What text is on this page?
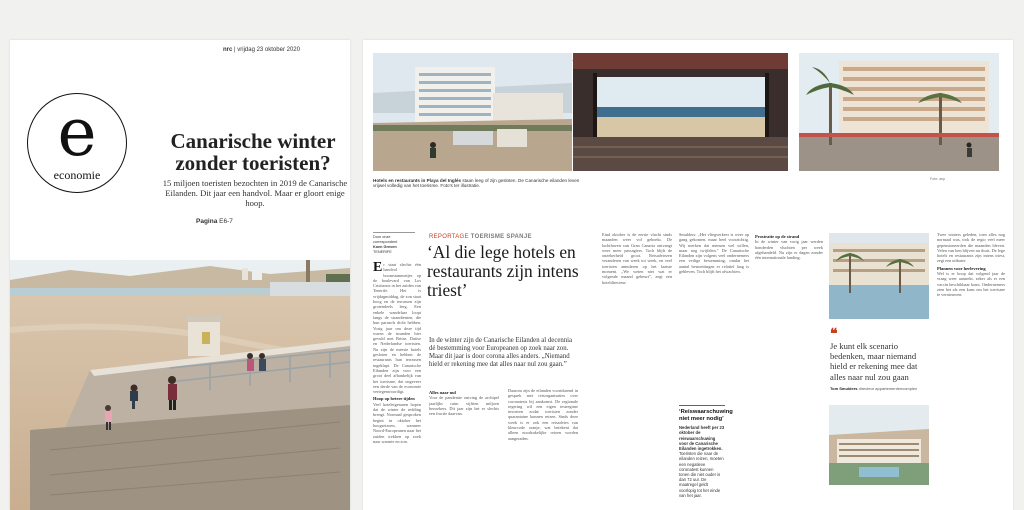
nrc | vrijdag 23 oktober 2020
Canarische winter zonder toeristen?
15 miljoen toeristen bezochten in 2019 de Canarische Eilanden. Dit jaar een handvol. Maar er gloort enige hoop.
Pagina E6-7
e
economie	Hotels en restaurants in Playa del Inglés staan leeg of zijn gesloten. De Canarische eilanden leven vrijwel volledig van het toerisme. Foto's ter illustratie.
Foto: anp
Door onze correspondent
Koen Greven
TENERIFE
Er staat slechts één handvol boomstammetjes op de boulevard van Los Cristianos in het zuiden van Tenerife. Het is vrijdagmiddag, de zon staat hoog en de terrassen zijn grotendeels leeg. Een enkele wandelaar loopt langs de strandtenten, die hun parasols dicht hebben. Vorig jaar om deze tijd waren de stranden hier gevuld met Britse, Duitse en Nederlandse toeristen. Nu zijn de meeste hotels gesloten en hebben de restaurants hun terrassen ingeklapt. De Canarische Eilanden zijn voor een groot deel afhankelijk van het toerisme, dat ongeveer een derde van de economie vertegenwoordigt.
Hoop op betere tijden
Veel hoteleigenaren hopen dat de winter de redding brengt. Normaal gesproken begint in oktober het hoogseizoen, wanneer Noord-Europeanen naar het zuiden trekken op zoek naar warmte en zon.
REPORTAGE TOERISME SPANJE
‘Al die lege hotels en restaurants zijn intens triest’
In de winter zijn de Canarische Eilanden al decennia dé bestemming voor Europeanen op zoek naar zon. Maar dit jaar is door corona alles anders. „Niemand hield er rekening mee dat alles naar nul zou gaan.”
Eind oktober is de eerste vlucht sinds maanden weer vol geboekt. De luchthaven van Gran Canaria ontvangt weer meer passagiers. Toch blijft de onzekerheid groot. Reisadviezen veranderen van week tot week, en veel toeristen annuleren op het laatste moment. „We weten niet wat er volgende maand gebeurt”, zegt een hoteldirecteur.
Alles naar nul
Voor de pandemie ontving de archipel jaarlijks ruim vijftien miljoen bezoekers. Dit jaar zijn het er slechts een fractie daarvan.
Daarom zijn de eilanden voortdurend in gesprek met reisorganisaties over coronatests bij aankomst. De regionale regering wil een eigen testregime invoeren zodat toeristen zonder quarantaine kunnen reizen. Sinds deze week is er ook een reisadvies van kleurcode oranje, wat betekent dat alleen noodzakelijke reizen worden aangeraden.
Smulders: „Het vliegverkeer is weer op gang gekomen, maar heel voorzichtig. Wij merken dat mensen wel willen, maar nog twijfelen.” De Canarische Eilanden zijn volgens veel ondernemers een veilige bestemming, omdat het aantal besmettingen er relatief laag is gebleven. Toch blijft het afwachten.
Prostratie op de strand
In de winter van vorig jaar werden honderden vluchten per week afgehandeld. Nu zijn er dagen zonder één internationale landing.
Twee winters geleden, toen alles nog normaal was, trok de regio veel meer gepensioneerden die maanden bleven. Velen van hen blijven nu thuis. De lege hotels en restaurants zijn intens triest, zegt een uitbater.
Plannen voor herlevering
Wel is er hoop dat volgend jaar de vraag weer aantrekt, zeker als er een vaccin beschikbaar komt. Ondernemers zien het als een kans om het toerisme te vernieuwen.
‘Reiswaarschuwing niet meer nodig’
Nederland heeft per 23 oktober de reiswaarschuwing voor de Canarische Eilanden ingetrokken. Toeristen die naar de eilanden reizen, moeten een negatieve coronatest kunnen tonen die niet ouder is dan 72 uur. De maatregel geldt voorlopig tot het einde van het jaar.
❝
Je kunt elk scenario bedenken, maar niemand hield er rekening mee dat alles naar nul zou gaan
Tom Smulders directeur appartementencomplex
